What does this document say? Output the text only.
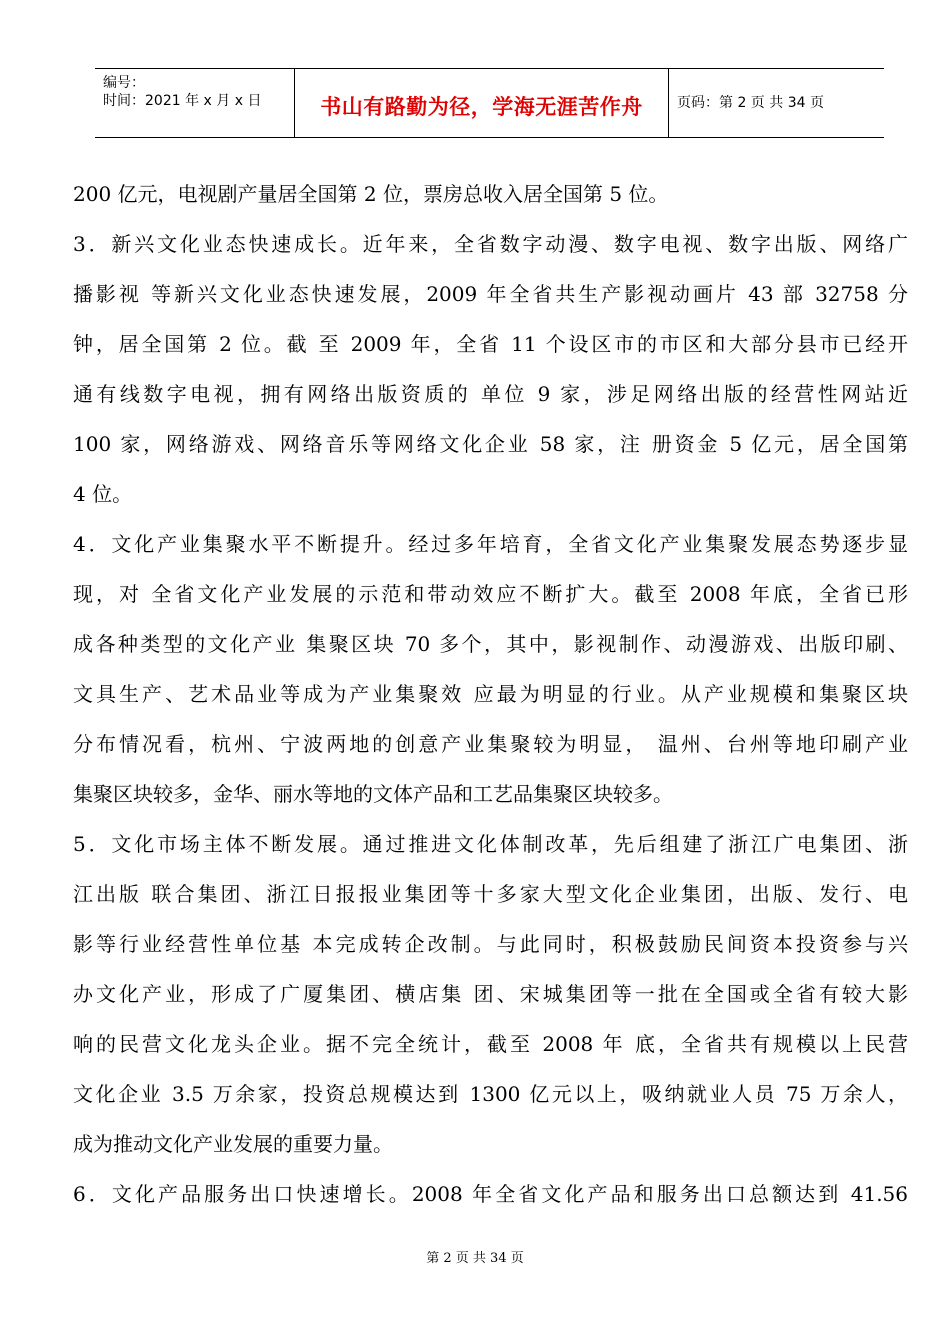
编号：
时间：2021 年 x 月 x 日	书山有路勤为径，学海无涯苦作舟	页码：第 2 页 共 34 页
200 亿元，电视剧产量居全国第 2 位，票房总收入居全国第 5 位。
3．新兴文化业态快速成长。近年来，全省数字动漫、数字电视、数字出版、网络广
播影视 等新兴文化业态快速发展，2009 年全省共生产影视动画片 43 部 32758 分
钟，居全国第 2 位。截 至 2009 年，全省 11 个设区市的市区和大部分县市已经开
通有线数字电视，拥有网络出版资质的 单位 9 家，涉足网络出版的经营性网站近
100 家，网络游戏、网络音乐等网络文化企业 58 家，注 册资金 5 亿元，居全国第
4 位。
4．文化产业集聚水平不断提升。经过多年培育，全省文化产业集聚发展态势逐步显
现，对 全省文化产业发展的示范和带动效应不断扩大。截至 2008 年底，全省已形
成各种类型的文化产业 集聚区块 70 多个，其中，影视制作、动漫游戏、出版印刷、
文具生产、艺术品业等成为产业集聚效 应最为明显的行业。从产业规模和集聚区块
分布情况看，杭州、宁波两地的创意产业集聚较为明显， 温州、台州等地印刷产业
集聚区块较多，金华、丽水等地的文体产品和工艺品集聚区块较多。
5．文化市场主体不断发展。通过推进文化体制改革，先后组建了浙江广电集团、浙
江出版 联合集团、浙江日报报业集团等十多家大型文化企业集团，出版、发行、电
影等行业经营性单位基 本完成转企改制。与此同时，积极鼓励民间资本投资参与兴
办文化产业，形成了广厦集团、横店集 团、宋城集团等一批在全国或全省有较大影
响的民营文化龙头企业。据不完全统计，截至 2008 年 底，全省共有规模以上民营
文化企业 3.5 万余家，投资总规模达到 1300 亿元以上，吸纳就业人员 75 万余人，
成为推动文化产业发展的重要力量。
6．文化产品服务出口快速增长。2008 年全省文化产品和服务出口总额达到 41.56
第 2 页 共 34 页
